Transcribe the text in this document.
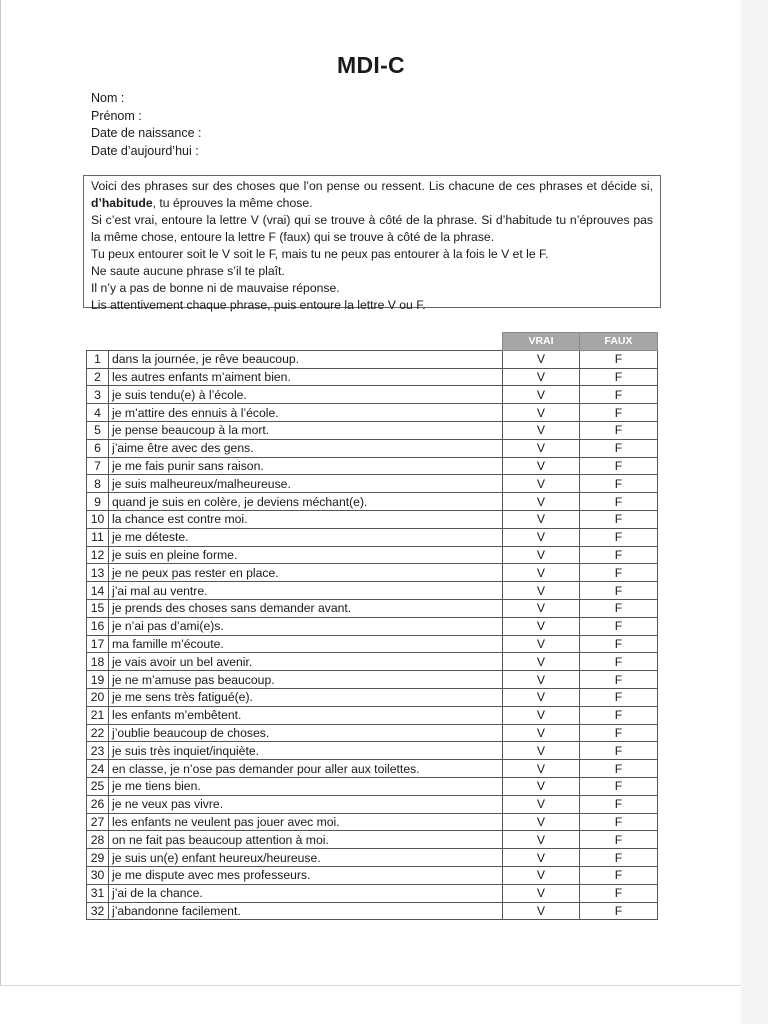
MDI-C
Nom :
Prénom :
Date de naissance :
Date d’aujourd’hui :

Voici des phrases sur des choses que l’on pense ou ressent. Lis chacune de ces phrases et décide si, d’habitude, tu éprouves la même chose.

Si c’est vrai, entoure la lettre V (vrai) qui se trouve à côté de la phrase. Si d’habitude tu n’éprouves pas la même chose, entoure la lettre F (faux) qui se trouve à côté de la phrase.

Tu peux entourer soit le V soit le F, mais tu ne peux pas entourer à la fois le V et le F.

Ne saute aucune phrase s’il te plaît.

Il n’y a pas de bonne ni de mauvaise réponse.

Lis attentivement chaque phrase, puis entoure la lettre V ou F.

		VRAI	FAUX
1	dans la journée, je rêve beaucoup.	V	F
2	les autres enfants m’aiment bien.	V	F
3	je suis tendu(e) à l’école.	V	F
4	je m’attire des ennuis à l’école.	V	F
5	je pense beaucoup à la mort.	V	F
6	j’aime être avec des gens.	V	F
7	je me fais punir sans raison.	V	F
8	je suis malheureux/malheureuse.	V	F
9	quand je suis en colère, je deviens méchant(e).	V	F
10	la chance est contre moi.	V	F
11	je me déteste.	V	F
12	je suis en pleine forme.	V	F
13	je ne peux pas rester en place.	V	F
14	j’ai mal au ventre.	V	F
15	je prends des choses sans demander avant.	V	F
16	je n’ai pas d’ami(e)s.	V	F
17	ma famille m’écoute.	V	F
18	je vais avoir un bel avenir.	V	F
19	je ne m’amuse pas beaucoup.	V	F
20	je me sens très fatigué(e).	V	F
21	les enfants m’embêtent.	V	F
22	j’oublie beaucoup de choses.	V	F
23	je suis très inquiet/inquiète.	V	F
24	en classe, je n’ose pas demander pour aller aux toilettes.	V	F
25	je me tiens bien.	V	F
26	je ne veux pas vivre.	V	F
27	les enfants ne veulent pas jouer avec moi.	V	F
28	on ne fait pas beaucoup attention à moi.	V	F
29	je suis un(e) enfant heureux/heureuse.	V	F
30	je me dispute avec mes professeurs.	V	F
31	j’ai de la chance.	V	F
32	j’abandonne facilement.	V	F
